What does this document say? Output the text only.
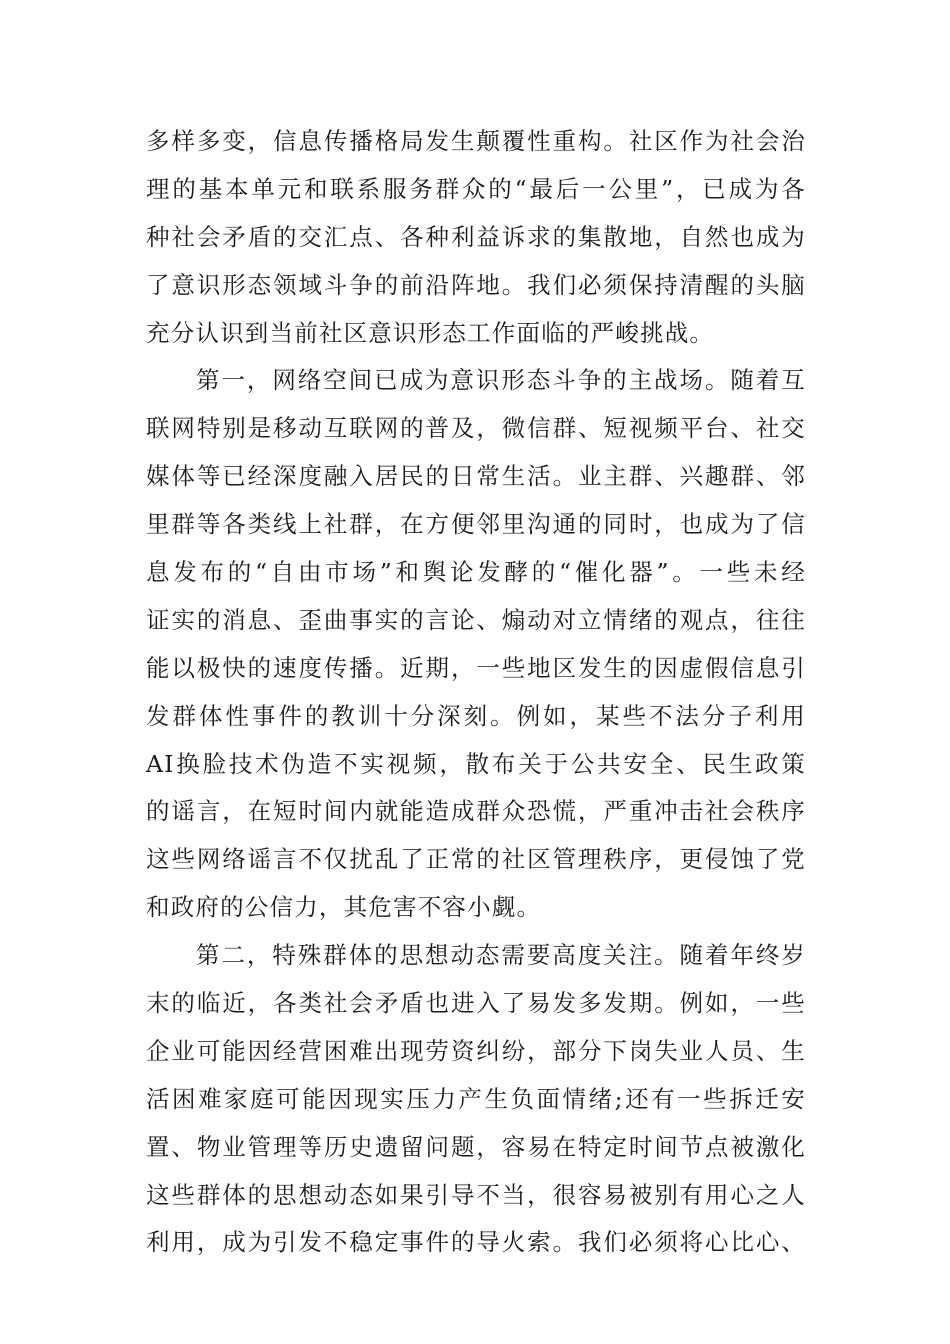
多样多变，信息传播格局发生颠覆性重构。社区作为社会治
理的基本单元和联系服务群众的“最后一公里”，已成为各
种社会矛盾的交汇点、各种利益诉求的集散地，自然也成为
了意识形态领域斗争的前沿阵地。我们必须保持清醒的头脑
充分认识到当前社区意识形态工作面临的严峻挑战。
第一，网络空间已成为意识形态斗争的主战场。随着互
联网特别是移动互联网的普及，微信群、短视频平台、社交
媒体等已经深度融入居民的日常生活。业主群、兴趣群、邻
里群等各类线上社群，在方便邻里沟通的同时，也成为了信
息发布的“自由市场”和舆论发酵的“催化器”。一些未经
证实的消息、歪曲事实的言论、煽动对立情绪的观点，往往
能以极快的速度传播。近期，一些地区发生的因虚假信息引
发群体性事件的教训十分深刻。例如，某些不法分子利用
AI换脸技术伪造不实视频，散布关于公共安全、民生政策
的谣言，在短时间内就能造成群众恐慌，严重冲击社会秩序
这些网络谣言不仅扰乱了正常的社区管理秩序，更侵蚀了党
和政府的公信力，其危害不容小觑。
第二，特殊群体的思想动态需要高度关注。随着年终岁
末的临近，各类社会矛盾也进入了易发多发期。例如，一些
企业可能因经营困难出现劳资纠纷，部分下岗失业人员、生
活困难家庭可能因现实压力产生负面情绪;还有一些拆迁安
置、物业管理等历史遗留问题，容易在特定时间节点被激化
这些群体的思想动态如果引导不当，很容易被别有用心之人
利用，成为引发不稳定事件的导火索。我们必须将心比心、
